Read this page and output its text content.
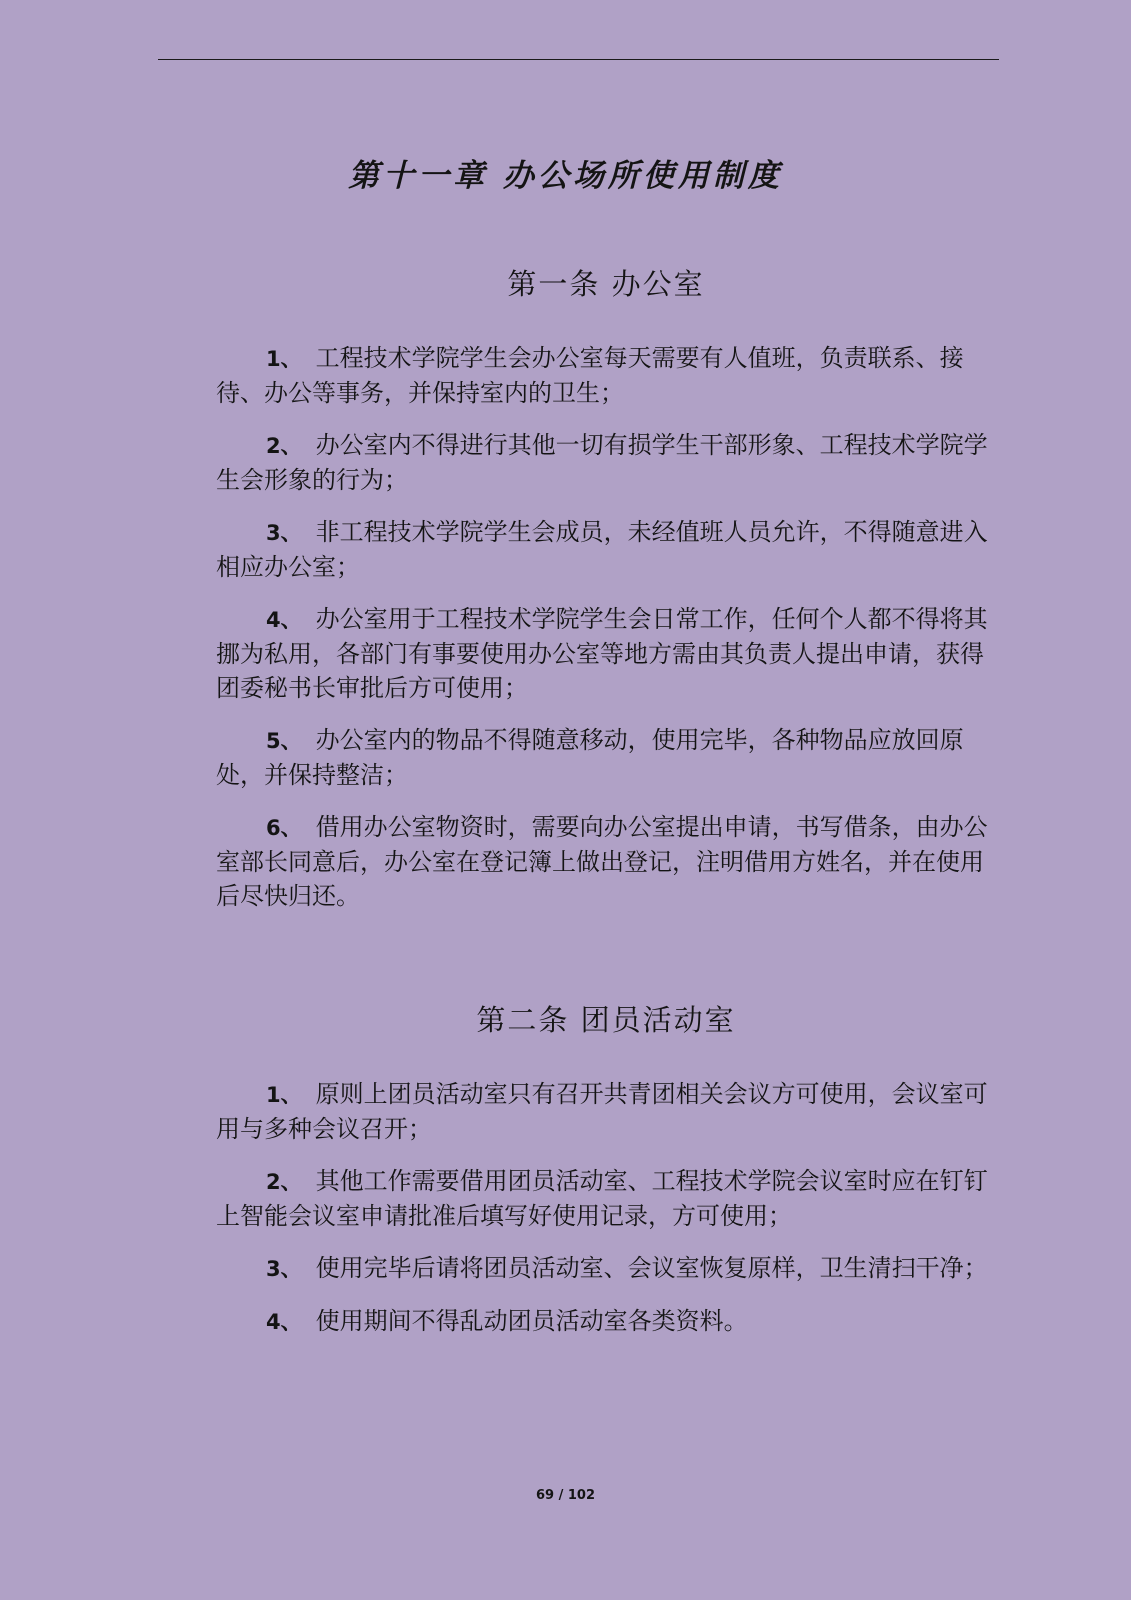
第十一章 办公场所使用制度
第一条 办公室
1、 工程技术学院学生会办公室每天需要有人值班，负责联系、接待、办公等事务，并保持室内的卫生；
2、 办公室内不得进行其他一切有损学生干部形象、工程技术学院学生会形象的行为；
3、 非工程技术学院学生会成员，未经值班人员允许，不得随意进入相应办公室；
4、 办公室用于工程技术学院学生会日常工作，任何个人都不得将其挪为私用，各部门有事要使用办公室等地方需由其负责人提出申请，获得团委秘书长审批后方可使用；
5、 办公室内的物品不得随意移动，使用完毕，各种物品应放回原处，并保持整洁；
6、 借用办公室物资时，需要向办公室提出申请，书写借条，由办公室部长同意后，办公室在登记簿上做出登记，注明借用方姓名，并在使用后尽快归还。
第二条 团员活动室
1、 原则上团员活动室只有召开共青团相关会议方可使用，会议室可用与多种会议召开；
2、 其他工作需要借用团员活动室、工程技术学院会议室时应在钉钉上智能会议室申请批准后填写好使用记录，方可使用；
3、 使用完毕后请将团员活动室、会议室恢复原样，卫生清扫干净；
4、 使用期间不得乱动团员活动室各类资料。
69 / 102
